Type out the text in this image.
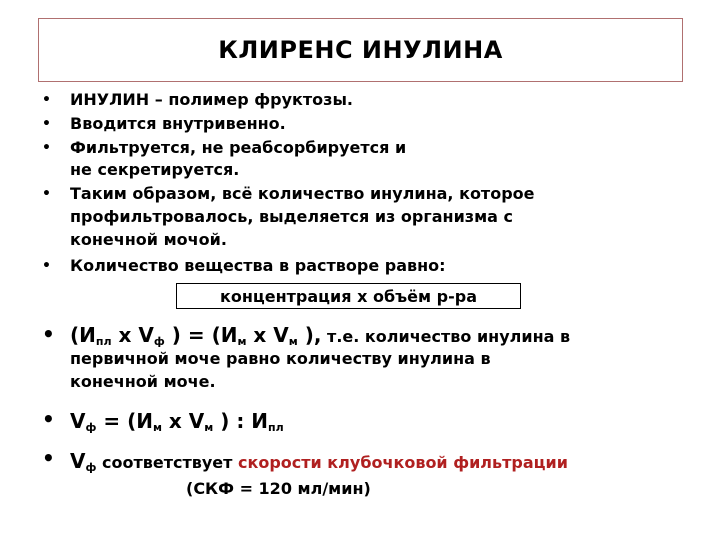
КЛИРЕНС ИНУЛИНА
•
•
•
•
•
•
•
•
ИНУЛИН – полимер фруктозы.
Вводится внутривенно.
Фильтруется, не реабсорбируется и
не секретируется.
Таким образом, всё количество инулина, которое
профильтровалось, выделяется из организма с
конечной мочой.
Количество вещества в растворе равно:
концентрация х объём р-ра
($И_{пл}$ х $V_ф$ ) = ($И_м$ х $V_м$ ), т.е. количество инулина в
первичной моче равно количеству инулина в
конечной моче.
$V_ф = (И_м$ х $V_м$ ) : $И_{пл}$
$V_ф$ соответствует скорости клубочковой фильтрации
(СКФ = 120 мл/мин)
